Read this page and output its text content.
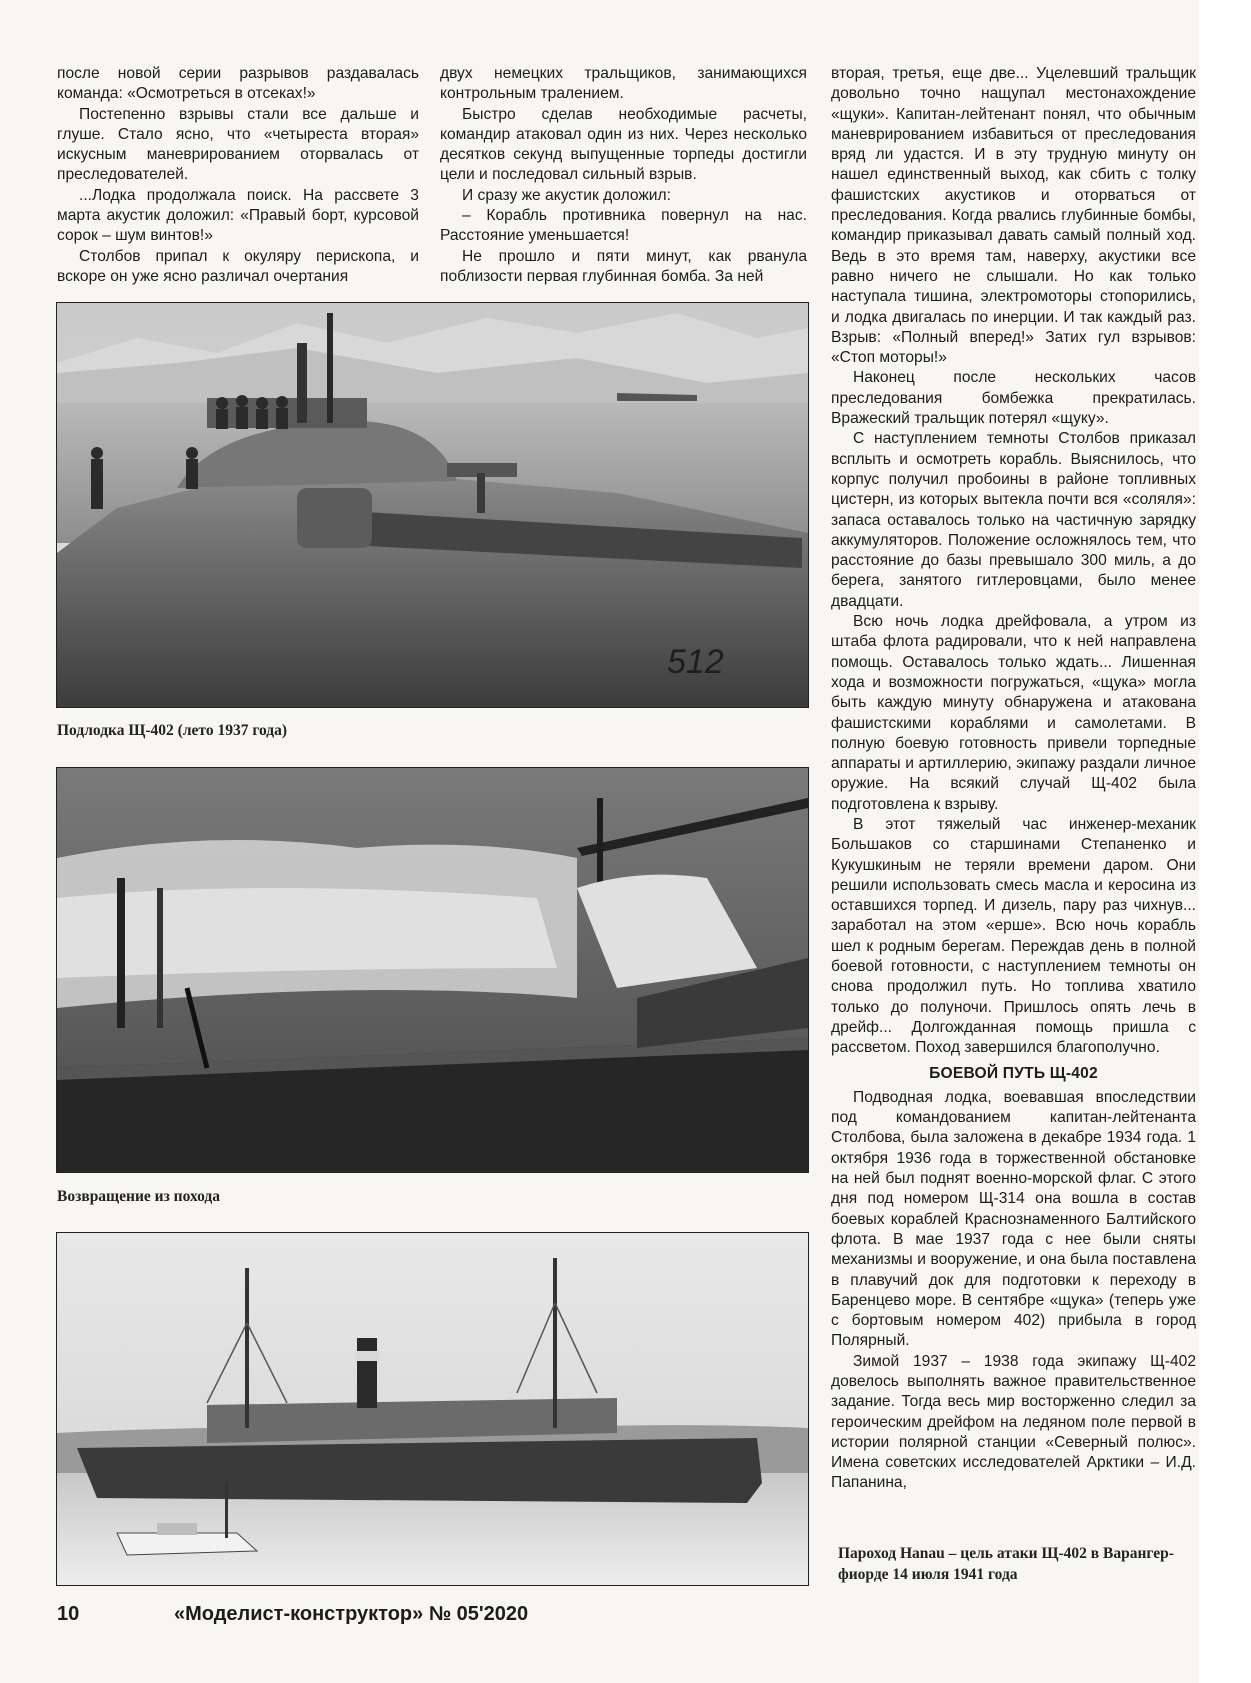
после новой серии разрывов раздавалась команда: «Осмотреться в отсеках!»

Постепенно взрывы стали все дальше и глуше. Стало ясно, что «четыреста вторая» искусным маневрированием оторвалась от преследователей.

...Лодка продолжала поиск. На рассвете 3 марта акустик доложил: «Правый борт, курсовой сорок – шум винтов!»

Столбов припал к окуляру перископа, и вскоре он уже ясно различал очертания

двух немецких тральщиков, занимающихся контрольным тралением.

Быстро сделав необходимые расчеты, командир атаковал один из них. Через несколько десятков секунд выпущенные торпеды достигли цели и последовал сильный взрыв.

И сразу же акустик доложил:

– Корабль противника повернул на нас. Расстояние уменьшается!

Не прошло и пяти минут, как рванула поблизости первая глубинная бомба. За ней

вторая, третья, еще две... Уцелевший тральщик довольно точно нащупал местонахождение «щуки». Капитан-лейтенант понял, что обычным маневрированием избавиться от преследования вряд ли удастся. И в эту трудную минуту он нашел единственный выход, как сбить с толку фашистских акустиков и оторваться от преследования. Когда рвались глубинные бомбы, командир приказывал давать самый полный ход. Ведь в это время там, наверху, акустики все равно ничего не слышали. Но как только наступала тишина, электромоторы стопорились, и лодка двигалась по инерции. И так каждый раз. Взрыв: «Полный вперед!» Затих гул взрывов: «Стоп моторы!»

Наконец после нескольких часов преследования бомбежка прекратилась. Вражеский тральщик потерял «щуку».

С наступлением темноты Столбов приказал всплыть и осмотреть корабль. Выяснилось, что корпус получил пробоины в районе топливных цистерн, из которых вытекла почти вся «соляля»: запаса оставалось только на частичную зарядку аккумуляторов. Положение осложнялось тем, что расстояние до базы превышало 300 миль, а до берега, занятого гитлеровцами, было менее двадцати.

Всю ночь лодка дрейфовала, а утром из штаба флота радировали, что к ней направлена помощь. Оставалось только ждать... Лишенная хода и возможности погружаться, «щука» могла быть каждую минуту обнаружена и атакована фашистскими кораблями и самолетами. В полную боевую готовность привели торпедные аппараты и артиллерию, экипажу раздали личное оружие. На всякий случай Щ-402 была подготовлена к взрыву.

В этот тяжелый час инженер-механик Большаков со старшинами Степаненко и Кукушкиным не теряли времени даром. Они решили использовать смесь масла и керосина из оставшихся торпед. И дизель, пару раз чихнув... заработал на этом «ерше». Всю ночь корабль шел к родным берегам. Переждав день в полной боевой готовности, с наступлением темноты он снова продолжил путь. Но топлива хватило только до полуночи. Пришлось опять лечь в дрейф... Долгожданная помощь пришла с рассветом. Поход завершился благополучно.

БОЕВОЙ ПУТЬ Щ-402

Подводная лодка, воевавшая впоследствии под командованием капитан-лейтенанта Столбова, была заложена в декабре 1934 года. 1 октября 1936 года в торжественной обстановке на ней был поднят военно-морской флаг. С этого дня под номером Щ-314 она вошла в состав боевых кораблей Краснознаменного Балтийского флота. В мае 1937 года с нее были сняты механизмы и вооружение, и она была поставлена в плавучий док для подготовки к переходу в Баренцево море. В сентябре «щука» (теперь уже с бортовым номером 402) прибыла в город Полярный.

Зимой 1937 – 1938 года экипажу Щ-402 довелось выполнять важное правительственное задание. Тогда весь мир восторженно следил за героическим дрейфом на ледяном поле первой в истории полярной станции «Северный полюс». Имена советских исследователей Арктики – И.Д. Папанина,

512
Подлодка Щ-402 (лето 1937 года)
Возвращение из похода
Пароход Hanau – цель атаки Щ-402 в Варангер-фиорде 14 июля 1941 года
10	«Моделист-конструктор» № 05'2020
